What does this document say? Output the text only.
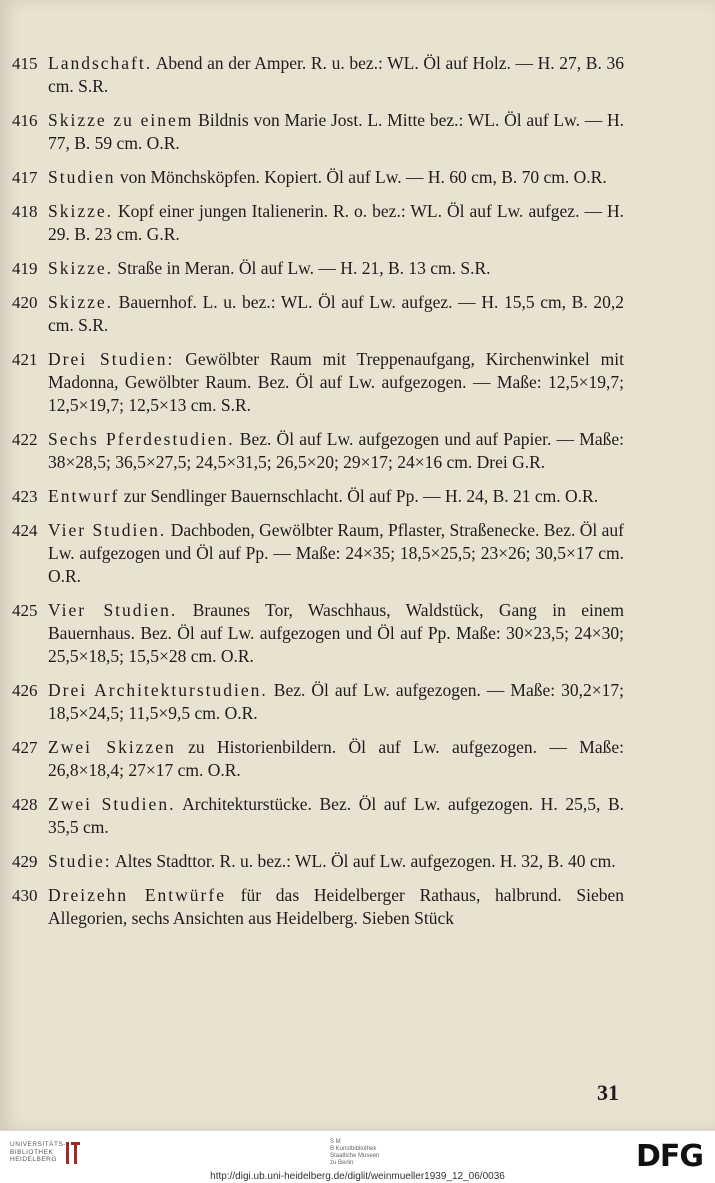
415 Landschaft. Abend an der Amper. R. u. bez.: WL. Öl auf Holz. — H. 27, B. 36 cm. S.R.
416 Skizze zu einem Bildnis von Marie Jost. L. Mitte bez.: WL. Öl auf Lw. — H. 77, B. 59 cm. O.R.
417 Studien von Mönchsköpfen. Kopiert. Öl auf Lw. — H. 60 cm, B. 70 cm. O.R.
418 Skizze. Kopf einer jungen Italienerin. R. o. bez.: WL. Öl auf Lw. aufgez. — H. 29. B. 23 cm. G.R.
419 Skizze. Straße in Meran. Öl auf Lw. — H. 21, B. 13 cm. S.R.
420 Skizze. Bauernhof. L. u. bez.: WL. Öl auf Lw. aufgez. — H. 15,5 cm, B. 20,2 cm. S.R.
421 Drei Studien: Gewölbter Raum mit Treppenaufgang, Kirchenwinkel mit Madonna, Gewölbter Raum. Bez. Öl auf Lw. aufgezogen. — Maße: 12,5×19,7; 12,5×19,7; 12,5×13 cm. S.R.
422 Sechs Pferdestudien. Bez. Öl auf Lw. aufgezogen und auf Papier. — Maße: 38×28,5; 36,5×27,5; 24,5×31,5; 26,5×20; 29×17; 24×16 cm. Drei G.R.
423 Entwurf zur Sendlinger Bauernschlacht. Öl auf Pp. — H. 24, B. 21 cm. O.R.
424 Vier Studien. Dachboden, Gewölbter Raum, Pflaster, Straßenecke. Bez. Öl auf Lw. aufgezogen und Öl auf Pp. — Maße: 24×35; 18,5×25,5; 23×26; 30,5×17 cm. O.R.
425 Vier Studien. Braunes Tor, Waschhaus, Waldstück, Gang in einem Bauernhaus. Bez. Öl auf Lw. aufgezogen und Öl auf Pp. Maße: 30×23,5; 24×30; 25,5×18,5; 15,5×28 cm. O.R.
426 Drei Architekturstudien. Bez. Öl auf Lw. aufgezogen. — Maße: 30,2×17; 18,5×24,5; 11,5×9,5 cm. O.R.
427 Zwei Skizzen zu Historienbildern. Öl auf Lw. aufgezogen. — Maße: 26,8×18,4; 27×17 cm. O.R.
428 Zwei Studien. Architekturstücke. Bez. Öl auf Lw. aufgezogen. H. 25,5, B. 35,5 cm.
429 Studie: Altes Stadttor. R. u. bez.: WL. Öl auf Lw. aufgezogen. H. 32, B. 40 cm.
430 Dreizehn Entwürfe für das Heidelberger Rathaus, halbrund. Sieben Allegorien, sechs Ansichten aus Heidelberg. Sieben Stück
31
UNIVERSITÄTS-
BIBLIOTHEK
HEIDELBERG
S M
B Kunstbibliothek
Staatliche Museen
zu Berlin	DFG
http://digi.ub.uni-heidelberg.de/diglit/weinmueller1939_12_06/0036
